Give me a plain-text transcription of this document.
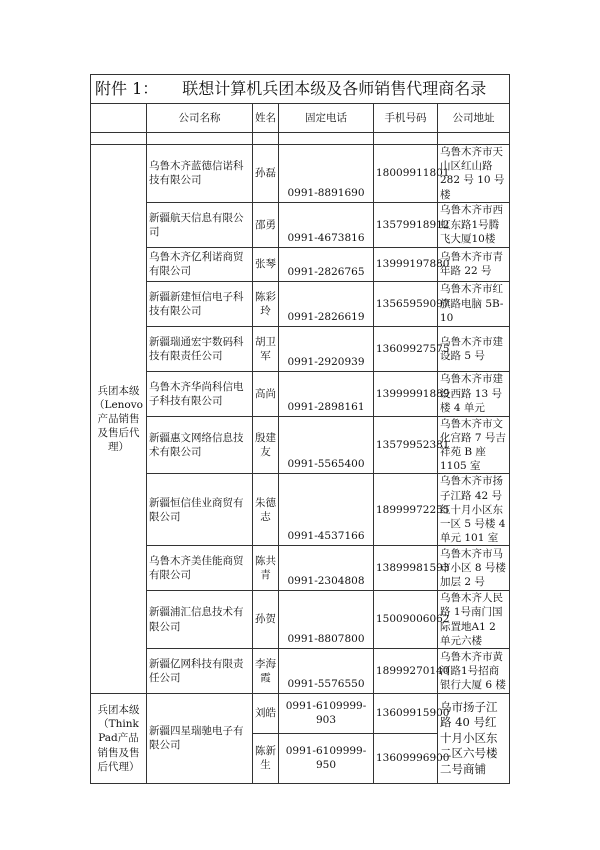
附件 1： 联想计算机兵团本级及各师销售代理商名录					
	公司名称	姓名	固定电话	手机号码	公司地址

兵团本级（Lenovo产品销售及售后代理）	乌鲁木齐蓝德信诺科技有限公司	孙磊	0991-8891690	18009911801	乌鲁木齐市天山区红山路 282 号 10 号楼
	新疆航天信息有限公司	邵勇	0991-4673816	13579918912	乌鲁木齐市西虹东路1号腾飞大厦10楼
	乌鲁木齐亿利诺商贸有限公司	张琴	0991-2826765	13999197880	乌鲁木齐市青年路 22 号
	新疆新建恒信电子科技有限公司	陈彩玲	0991-2826619	13565959097	乌鲁木齐市红旗路电脑 5B-10
	新疆瑞通宏宇数码科技有限责任公司	胡卫军	0991-2920939	13609927575	乌鲁木齐市建设路 5 号
	乌鲁木齐华尚科信电子科技有限公司	高尚	0991-2898161	13999991889	乌鲁木齐市建设西路 13 号楼 4 单元
	新疆惠文网络信息技术有限公司	殷建友	0991-5565400	13579952381	乌鲁木齐市文化宫路 7 号吉祥苑 B 座 1105 室
	新疆恒信佳业商贸有限公司	朱德志	0991-4537166	18999972255	乌鲁木齐市扬子江路 42 号红十月小区东一区 5 号楼 4 单元 101 室
	乌鲁木齐美佳能商贸有限公司	陈共青	0991-2304808	13899981593	乌鲁木齐市马市小区 8 号楼加层 2 号
	新疆浦汇信息技术有限公司	孙贺	0991-8807800	15009006062	乌鲁木齐人民路 1号南门国际置地A1 2 单元六楼
	新疆亿网科技有限责任公司	李海霞	0991-5576550	18999270140	乌鲁木齐市黄河路1号招商银行大厦 6 楼
兵团本级（Think Pad产品销售及售后代理）	新疆四星瑞驰电子有限公司	刘皓	0991-6109999-903	13609915900	乌市扬子江路 40 号红十月小区东二区六号楼二号商铺
		陈新生	0991-6109999-950	13609996900	
